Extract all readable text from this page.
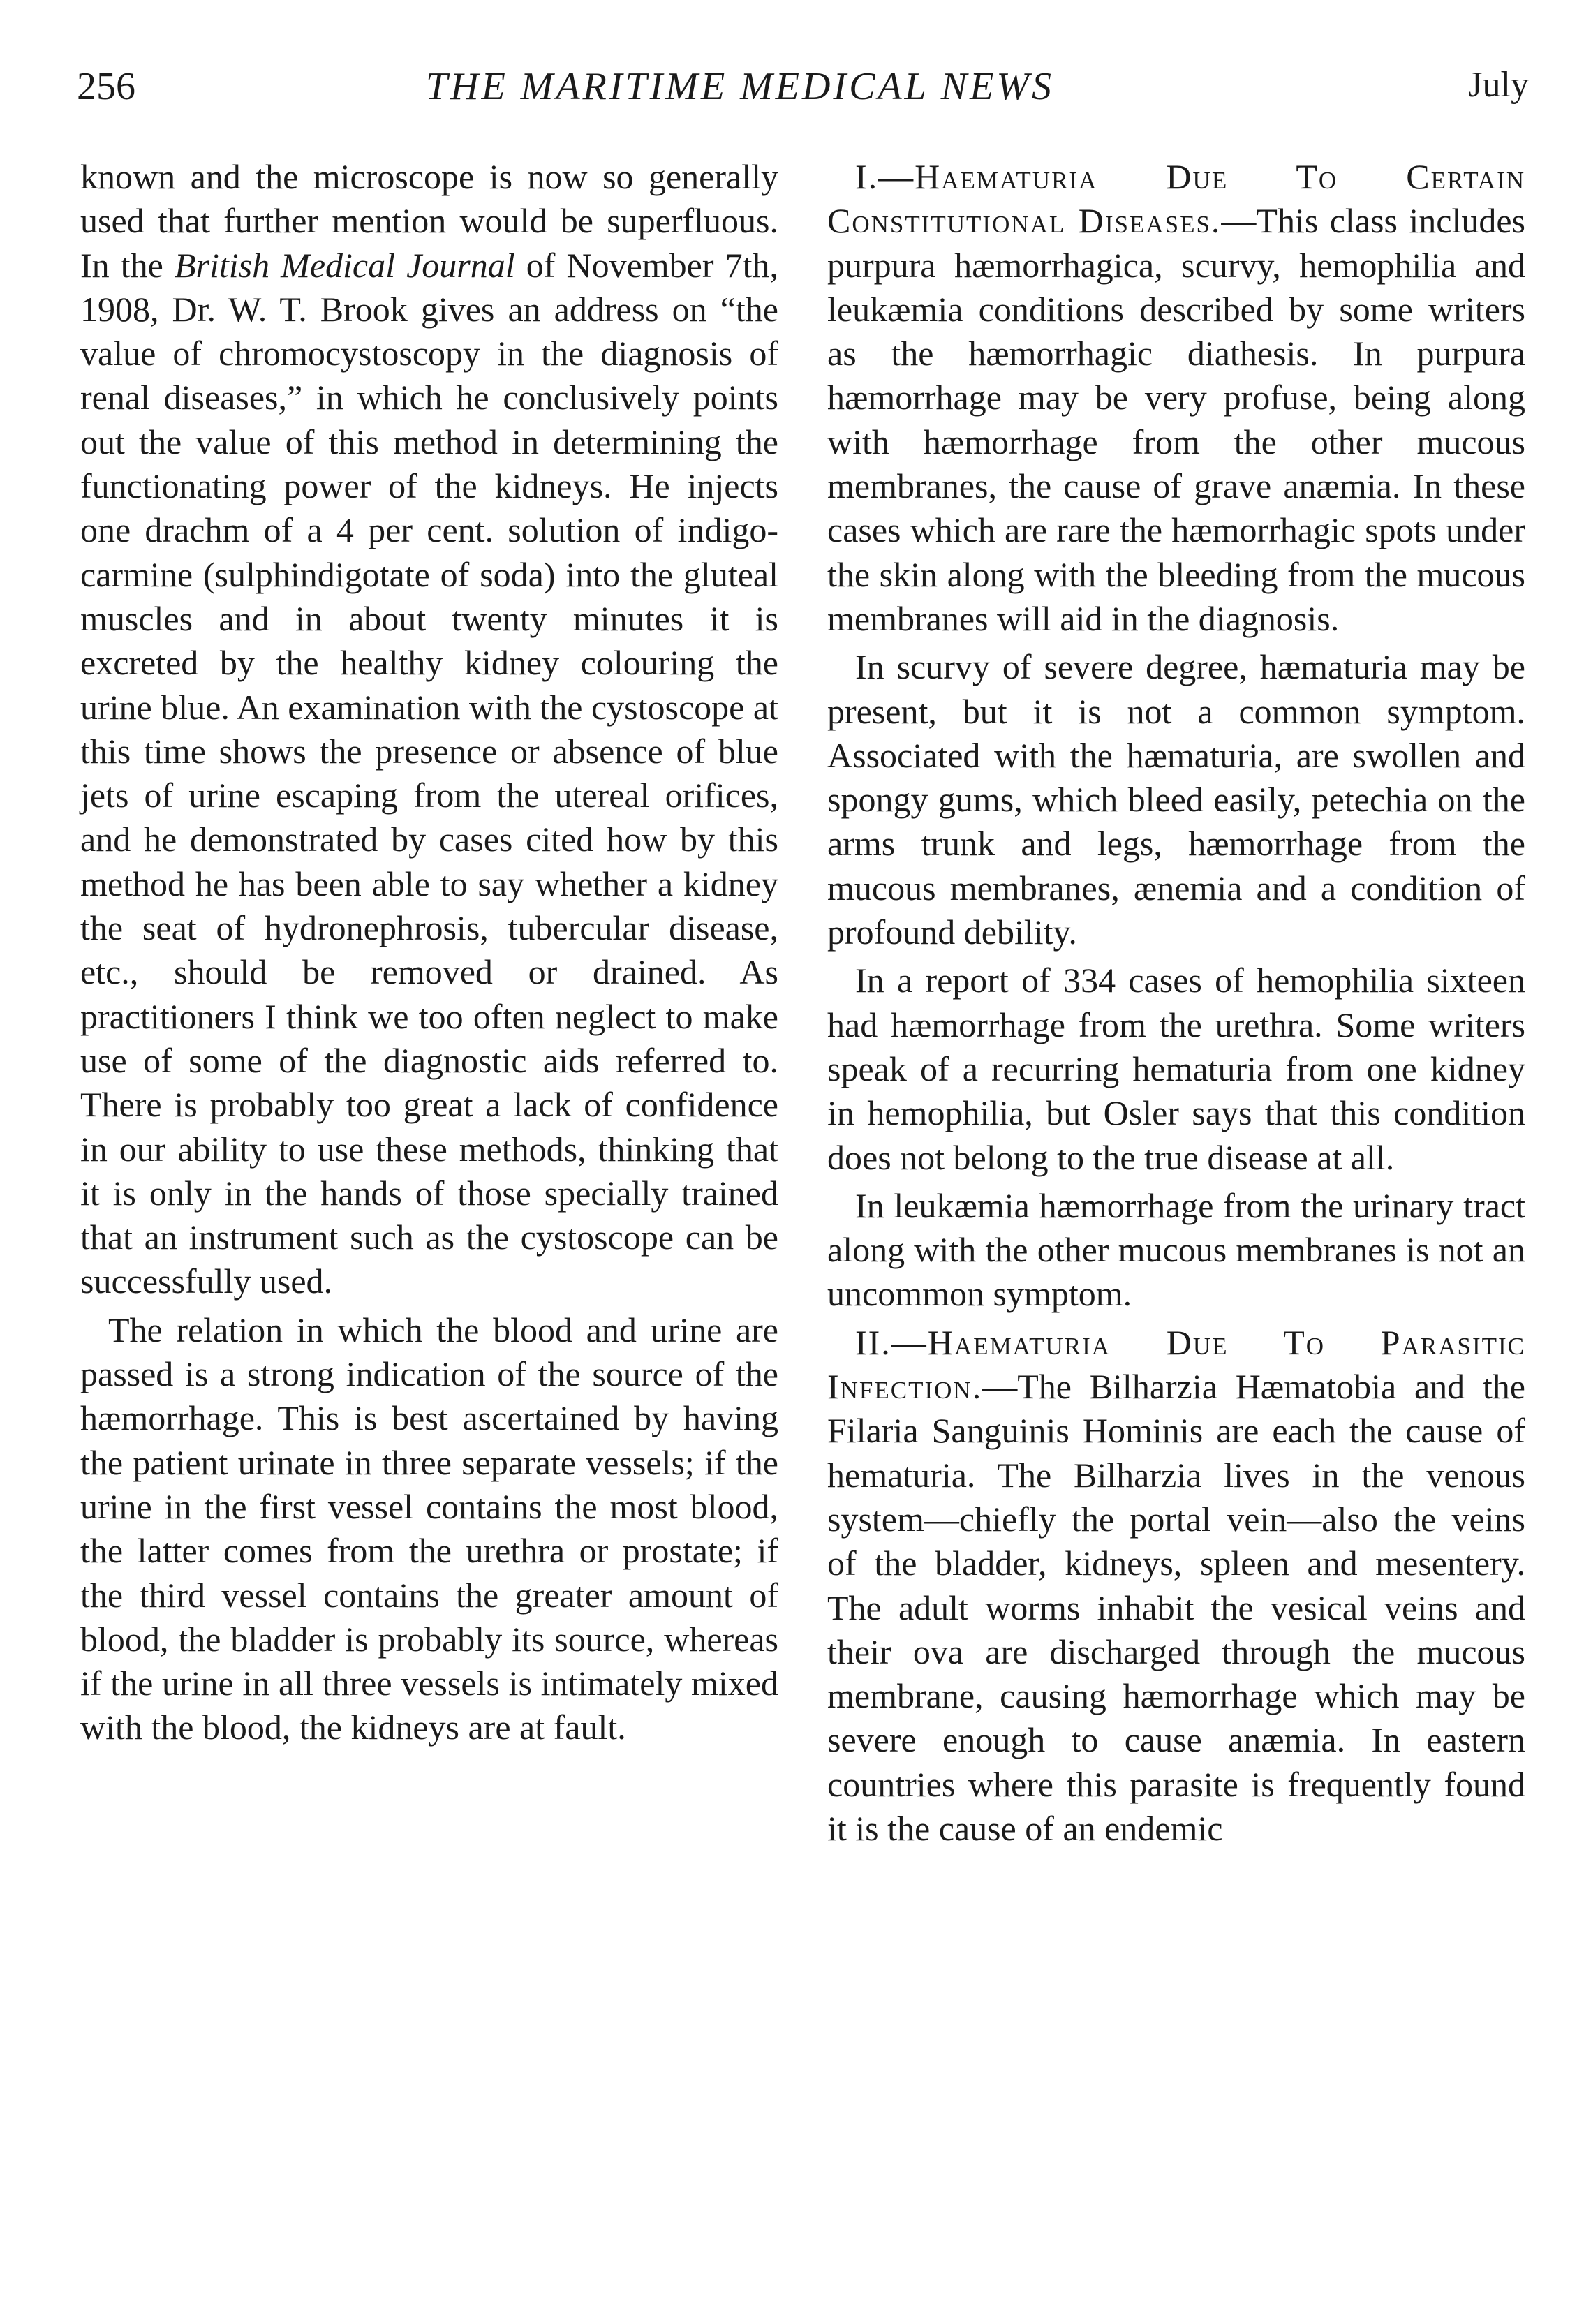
256	THE MARITIME MEDICAL NEWS	July

known and the microscope is now so generally used that further mention would be superfluous. In the British Medical Journal of November 7th, 1908, Dr. W. T. Brook gives an address on “the value of chromocystoscopy in the diagnosis of renal diseases,” in which he conclusively points out the value of this method in determining the functionating power of the kidneys. He injects one drachm of a 4 per cent. solution of indigo-carmine (sulphindigotate of soda) into the gluteal muscles and in about twenty minutes it is excreted by the healthy kidney colouring the urine blue. An examination with the cystoscope at this time shows the presence or absence of blue jets of urine escaping from the utereal orifices, and he demonstrated by cases cited how by this method he has been able to say whether a kidney the seat of hydronephrosis, tubercular disease, etc., should be removed or drained. As practitioners I think we too often neglect to make use of some of the diagnostic aids referred to. There is probably too great a lack of confidence in our ability to use these methods, thinking that it is only in the hands of those specially trained that an instrument such as the cystoscope can be successfully used.

The relation in which the blood and urine are passed is a strong indication of the source of the hæmorrhage. This is best ascertained by having the patient urinate in three separate vessels; if the urine in the first vessel contains the most blood, the latter comes from the urethra or prostate; if the third vessel contains the greater amount of blood, the bladder is probably its source, whereas if the urine in all three vessels is intimately mixed with the blood, the kidneys are at fault.

I.—Haematuria Due To Certain Constitutional Diseases.—This class includes purpura hæmorrhagica, scurvy, hemophilia and leukæmia conditions described by some writers as the hæmorrhagic diathesis. In purpura hæmorrhage may be very profuse, being along with hæmorrhage from the other mucous membranes, the cause of grave anæmia. In these cases which are rare the hæmorrhagic spots under the skin along with the bleeding from the mucous membranes will aid in the diagnosis.

In scurvy of severe degree, hæmaturia may be present, but it is not a common symptom. Associated with the hæmaturia, are swollen and spongy gums, which bleed easily, petechia on the arms trunk and legs, hæmorrhage from the mucous membranes, ænemia and a condition of profound debility.

In a report of 334 cases of hemophilia sixteen had hæmorrhage from the urethra. Some writers speak of a recurring hematuria from one kidney in hemophilia, but Osler says that this condition does not belong to the true disease at all.

In leukæmia hæmorrhage from the urinary tract along with the other mucous membranes is not an uncommon symptom.

II.—Haematuria Due To Parasitic Infection.—The Bilharzia Hæmatobia and the Filaria Sanguinis Hominis are each the cause of hematuria. The Bilharzia lives in the venous system—chiefly the portal vein—also the veins of the bladder, kidneys, spleen and mesentery. The adult worms inhabit the vesical veins and their ova are discharged through the mucous membrane, causing hæmorrhage which may be severe enough to cause anæmia. In eastern countries where this parasite is frequently found it is the cause of an endemic
